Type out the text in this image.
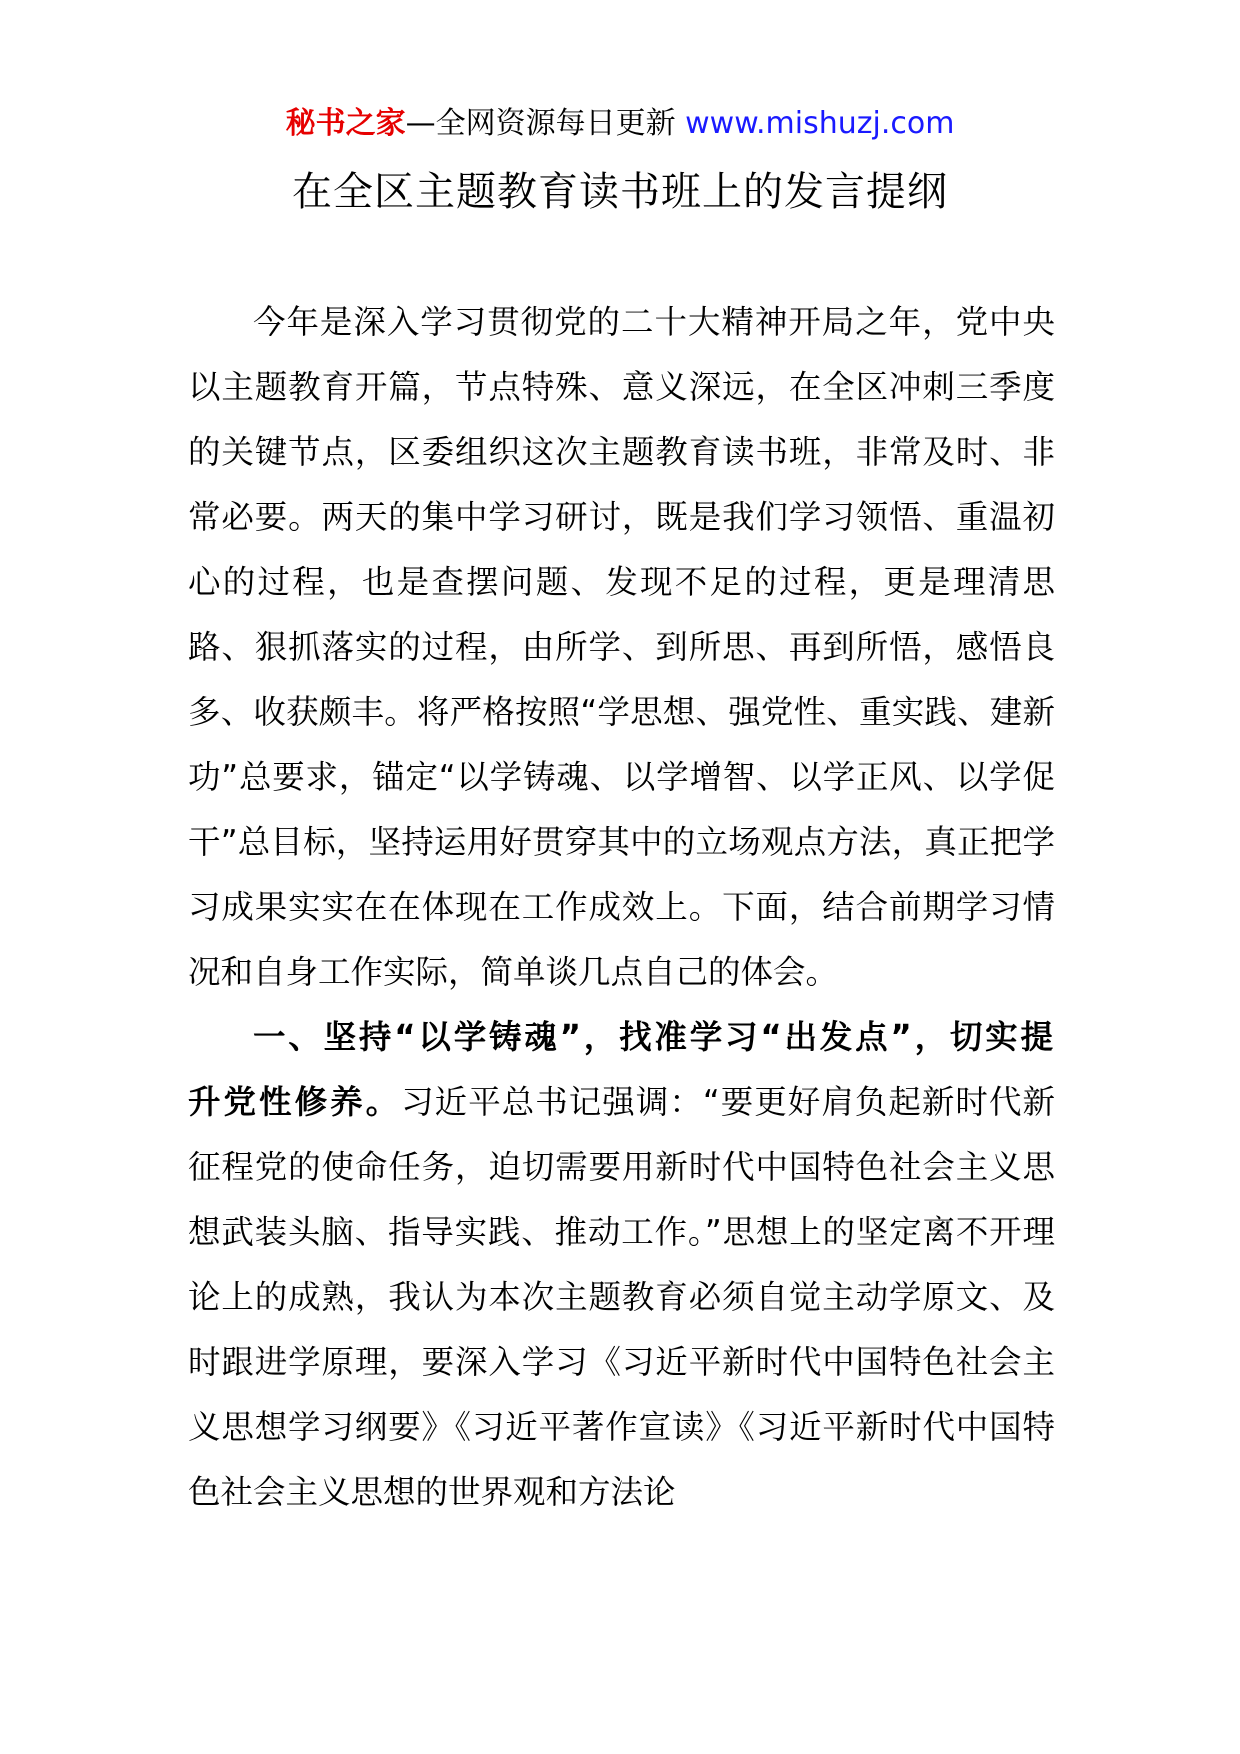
秘书之家—全网资源每日更新 www.mishuzj.com
在全区主题教育读书班上的发言提纲

今年是深入学习贯彻党的二十大精神开局之年，党中央以主题教育开篇，节点特殊、意义深远，在全区冲刺三季度的关键节点，区委组织这次主题教育读书班，非常及时、非常必要。两天的集中学习研讨，既是我们学习领悟、重温初心的过程，也是查摆问题、发现不足的过程，更是理清思路、狠抓落实的过程，由所学、到所思、再到所悟，感悟良多、收获颇丰。将严格按照“学思想、强党性、重实践、建新功”总要求，锚定“以学铸魂、以学增智、以学正风、以学促干”总目标，坚持运用好贯穿其中的立场观点方法，真正把学习成果实实在在体现在工作成效上。下面，结合前期学习情况和自身工作实际，简单谈几点自己的体会。

一、坚持“以学铸魂”，找准学习“出发点”，切实提升党性修养。习近平总书记强调：“要更好肩负起新时代新征程党的使命任务，迫切需要用新时代中国特色社会主义思想武装头脑、指导实践、推动工作。”思想上的坚定离不开理论上的成熟，我认为本次主题教育必须自觉主动学原文、及时跟进学原理，要深入学习《习近平新时代中国特色社会主义思想学习纲要》《习近平著作宣读》《习近平新时代中国特色社会主义思想的世界观和方法论
